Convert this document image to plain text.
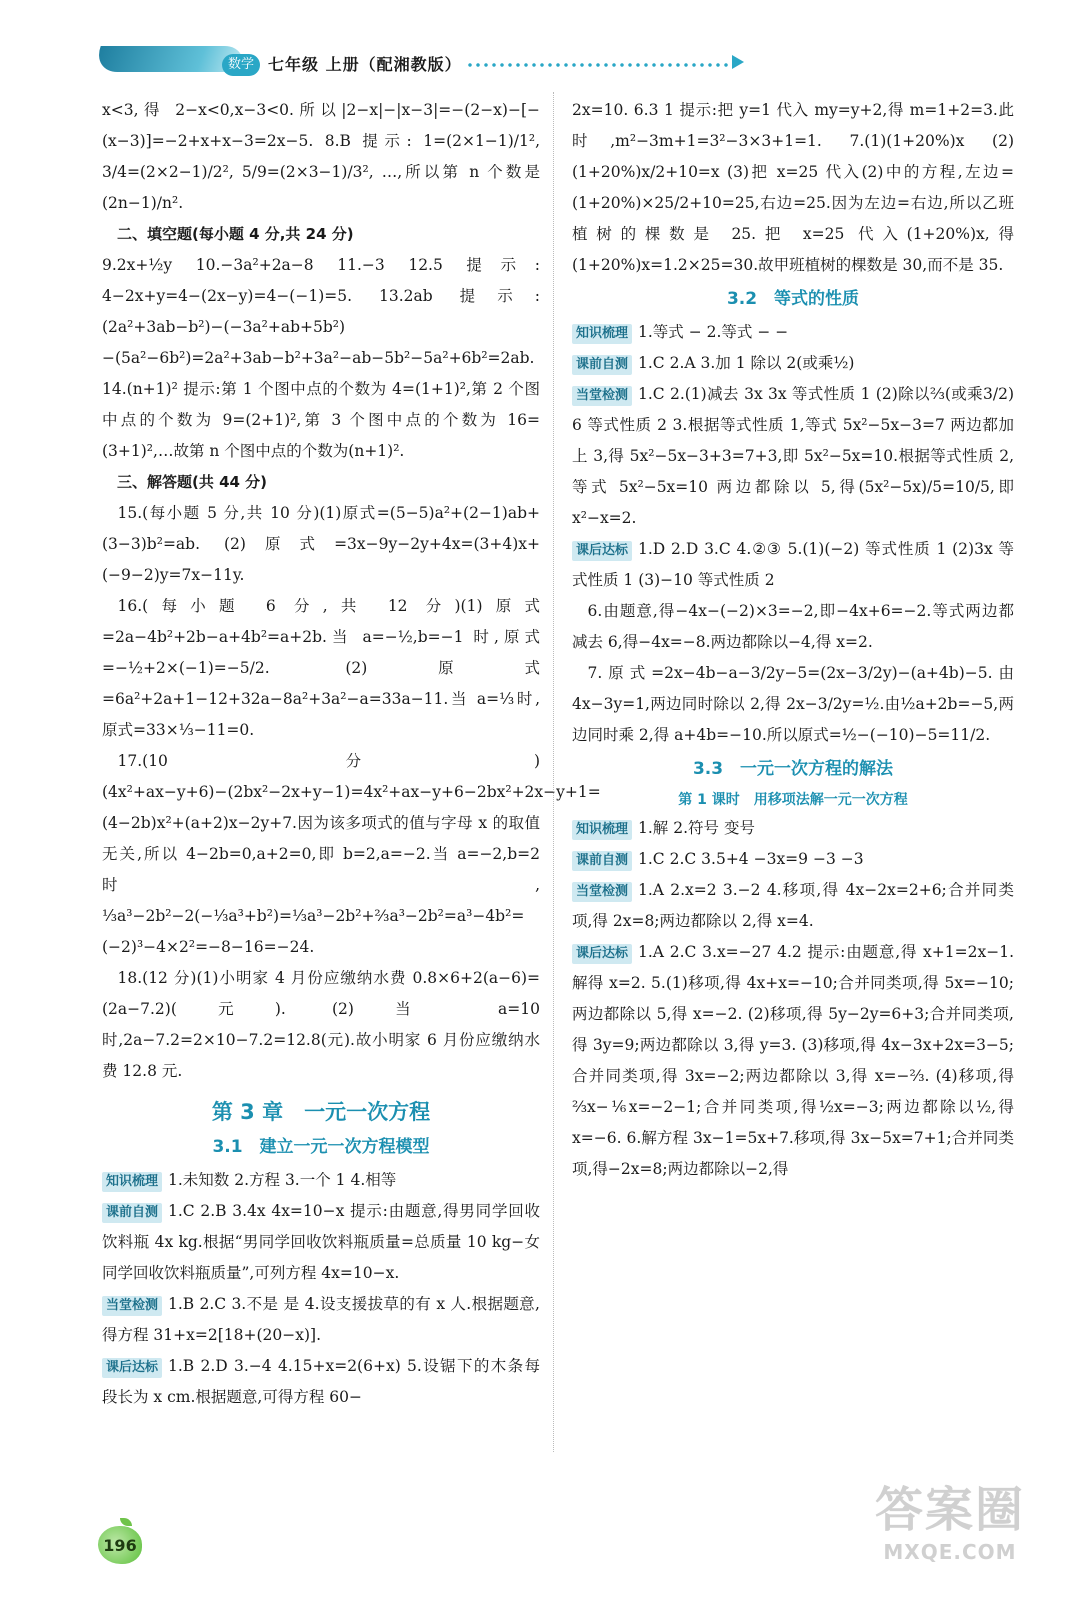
数学 七年级 上册（配湘教版）

x<3,得 2−x<0,x−3<0.所以|2−x|−|x−3|=−(2−x)−[−(x−3)]=−2+x+x−3=2x−5. 8.B 提示: 1=(2×1−1)/1², 3/4=(2×2−1)/2², 5/9=(2×3−1)/3², …,所以第 n 个数是(2n−1)/n².

二、填空题(每小题 4 分,共 24 分)

9.2x+½y 10.−3a²+2a−8 11.−3 12.5 提示: 4−2x+y=4−(2x−y)=4−(−1)=5. 13.2ab 提示: (2a²+3ab−b²)−(−3a²+ab+5b²)−(5a²−6b²)=2a²+3ab−b²+3a²−ab−5b²−5a²+6b²=2ab. 14.(n+1)² 提示:第 1 个图中点的个数为 4=(1+1)²,第 2 个图中点的个数为 9=(2+1)²,第 3 个图中点的个数为 16=(3+1)²,…故第 n 个图中点的个数为(n+1)².

三、解答题(共 44 分)

15.(每小题 5 分,共 10 分)(1)原式=(5−5)a²+(2−1)ab+(3−3)b²=ab. (2)原式=3x−9y−2y+4x=(3+4)x+(−9−2)y=7x−11y.

16.(每小题 6 分,共 12 分)(1)原式=2a−4b²+2b−a+4b²=a+2b.当 a=−½,b=−1 时,原式=−½+2×(−1)=−5/2. (2)原式=6a²+2a+1−12+32a−8a²+3a²−a=33a−11.当 a=⅓时,原式=33×⅓−11=0.

17.(10 分)(4x²+ax−y+6)−(2bx²−2x+y−1)=4x²+ax−y+6−2bx²+2x−y+1=(4−2b)x²+(a+2)x−2y+7.因为该多项式的值与字母 x 的取值无关,所以 4−2b=0,a+2=0,即 b=2,a=−2.当 a=−2,b=2 时, ⅓a³−2b²−2(−⅓a³+b²)=⅓a³−2b²+⅔a³−2b²=a³−4b²=(−2)³−4×2²=−8−16=−24.

18.(12 分)(1)小明家 4 月份应缴纳水费 0.8×6+2(a−6)=(2a−7.2)(元). (2)当 a=10 时,2a−7.2=2×10−7.2=12.8(元).故小明家 6 月份应缴纳水费 12.8 元.

第 3 章　一元一次方程
3.1　建立一元一次方程模型

知识梳理 1.未知数 2.方程 3.一个 1 4.相等

课前自测 1.C 2.B 3.4x 4x=10−x 提示:由题意,得男同学回收饮料瓶 4x kg.根据“男同学回收饮料瓶质量=总质量 10 kg−女同学回收饮料瓶质量”,可列方程 4x=10−x.

当堂检测 1.B 2.C 3.不是 是 4.设支援拔草的有 x 人.根据题意,得方程 31+x=2[18+(20−x)].

课后达标 1.B 2.D 3.−4 4.15+x=2(6+x) 5.设锯下的木条每段长为 x cm.根据题意,可得方程 60−

2x=10. 6.3 1 提示:把 y=1 代入 my=y+2,得 m=1+2=3.此时,m²−3m+1=3²−3×3+1=1. 7.(1)(1+20%)x (2)(1+20%)x/2+10=x (3)把 x=25 代入(2)中的方程,左边=(1+20%)×25/2+10=25,右边=25.因为左边=右边,所以乙班植树的棵数是 25.把 x=25 代入(1+20%)x,得(1+20%)x=1.2×25=30.故甲班植树的棵数是 30,而不是 35.

3.2　等式的性质

知识梳理 1.等式 − 2.等式 − −

课前自测 1.C 2.A 3.加 1 除以 2(或乘½)

当堂检测 1.C 2.(1)减去 3x 3x 等式性质 1 (2)除以⅔(或乘3/2) 6 等式性质 2 3.根据等式性质 1,等式 5x²−5x−3=7 两边都加上 3,得 5x²−5x−3+3=7+3,即 5x²−5x=10.根据等式性质 2,等式 5x²−5x=10 两边都除以 5,得(5x²−5x)/5=10/5,即 x²−x=2.

课后达标 1.D 2.D 3.C 4.②③ 5.(1)(−2) 等式性质 1 (2)3x 等式性质 1 (3)−10 等式性质 2

6.由题意,得−4x−(−2)×3=−2,即−4x+6=−2.等式两边都减去 6,得−4x=−8.两边都除以−4,得 x=2.

7.原式=2x−4b−a−3/2y−5=(2x−3/2y)−(a+4b)−5.由 4x−3y=1,两边同时除以 2,得 2x−3/2y=½.由½a+2b=−5,两边同时乘 2,得 a+4b=−10.所以原式=½−(−10)−5=11/2.

3.3　一元一次方程的解法
第 1 课时　用移项法解一元一次方程

知识梳理 1.解 2.符号 变号

课前自测 1.C 2.C 3.5+4 −3x=9 −3 −3

当堂检测 1.A 2.x=2 3.−2 4.移项,得 4x−2x=2+6;合并同类项,得 2x=8;两边都除以 2,得 x=4.

课后达标 1.A 2.C 3.x=−27 4.2 提示:由题意,得 x+1=2x−1.解得 x=2. 5.(1)移项,得 4x+x=−10;合并同类项,得 5x=−10;两边都除以 5,得 x=−2. (2)移项,得 5y−2y=6+3;合并同类项,得 3y=9;两边都除以 3,得 y=3. (3)移项,得 4x−3x+2x=3−5;合并同类项,得 3x=−2;两边都除以 3,得 x=−⅔. (4)移项,得⅔x−⅙x=−2−1;合并同类项,得½x=−3;两边都除以½,得 x=−6. 6.解方程 3x−1=5x+7.移项,得 3x−5x=7+1;合并同类项,得−2x=8;两边都除以−2,得

196
答案圈
MXQE.COM
